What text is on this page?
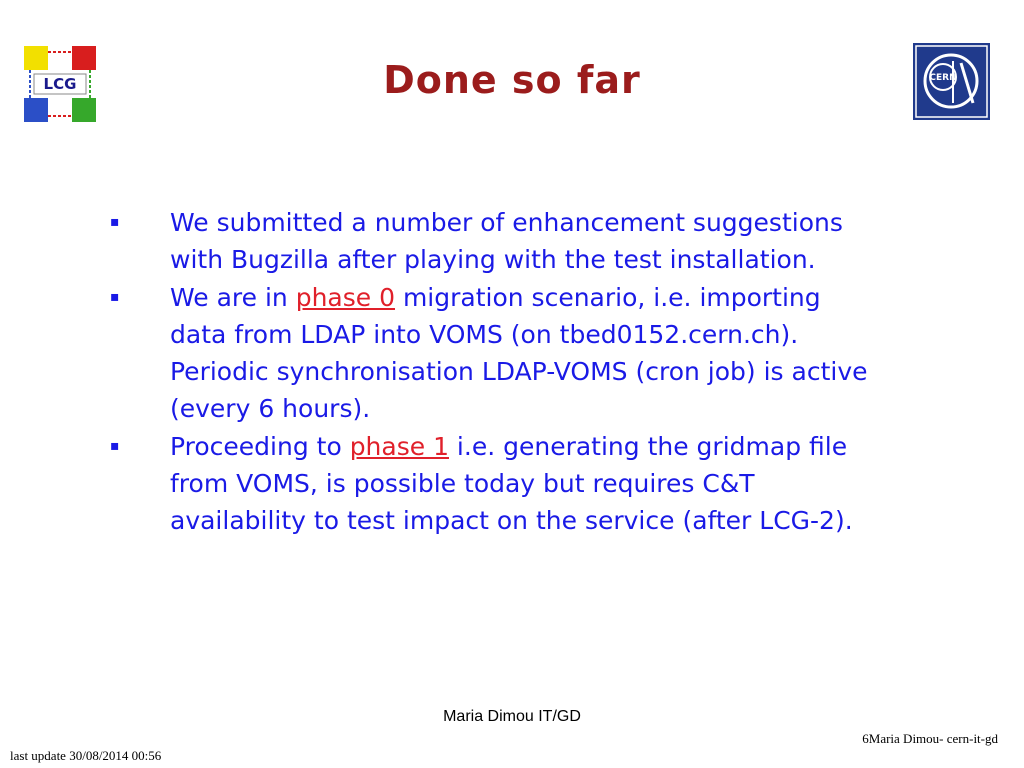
LCG	Done so far	CERN
▪ We submitted a number of enhancement suggestions with Bugzilla after playing with the test installation.
▪ We are in phase 0 migration scenario, i.e. importing data from LDAP into VOMS (on tbed0152.cern.ch). Periodic synchronisation LDAP-VOMS (cron job) is active (every 6 hours).
▪ Proceeding to phase 1 i.e. generating the gridmap file from VOMS, is possible today but requires C&T availability to test impact on the service (after LCG-2).
Maria Dimou IT/GD
6Maria Dimou- cern-it-gd
last update 30/08/2014 00:56
